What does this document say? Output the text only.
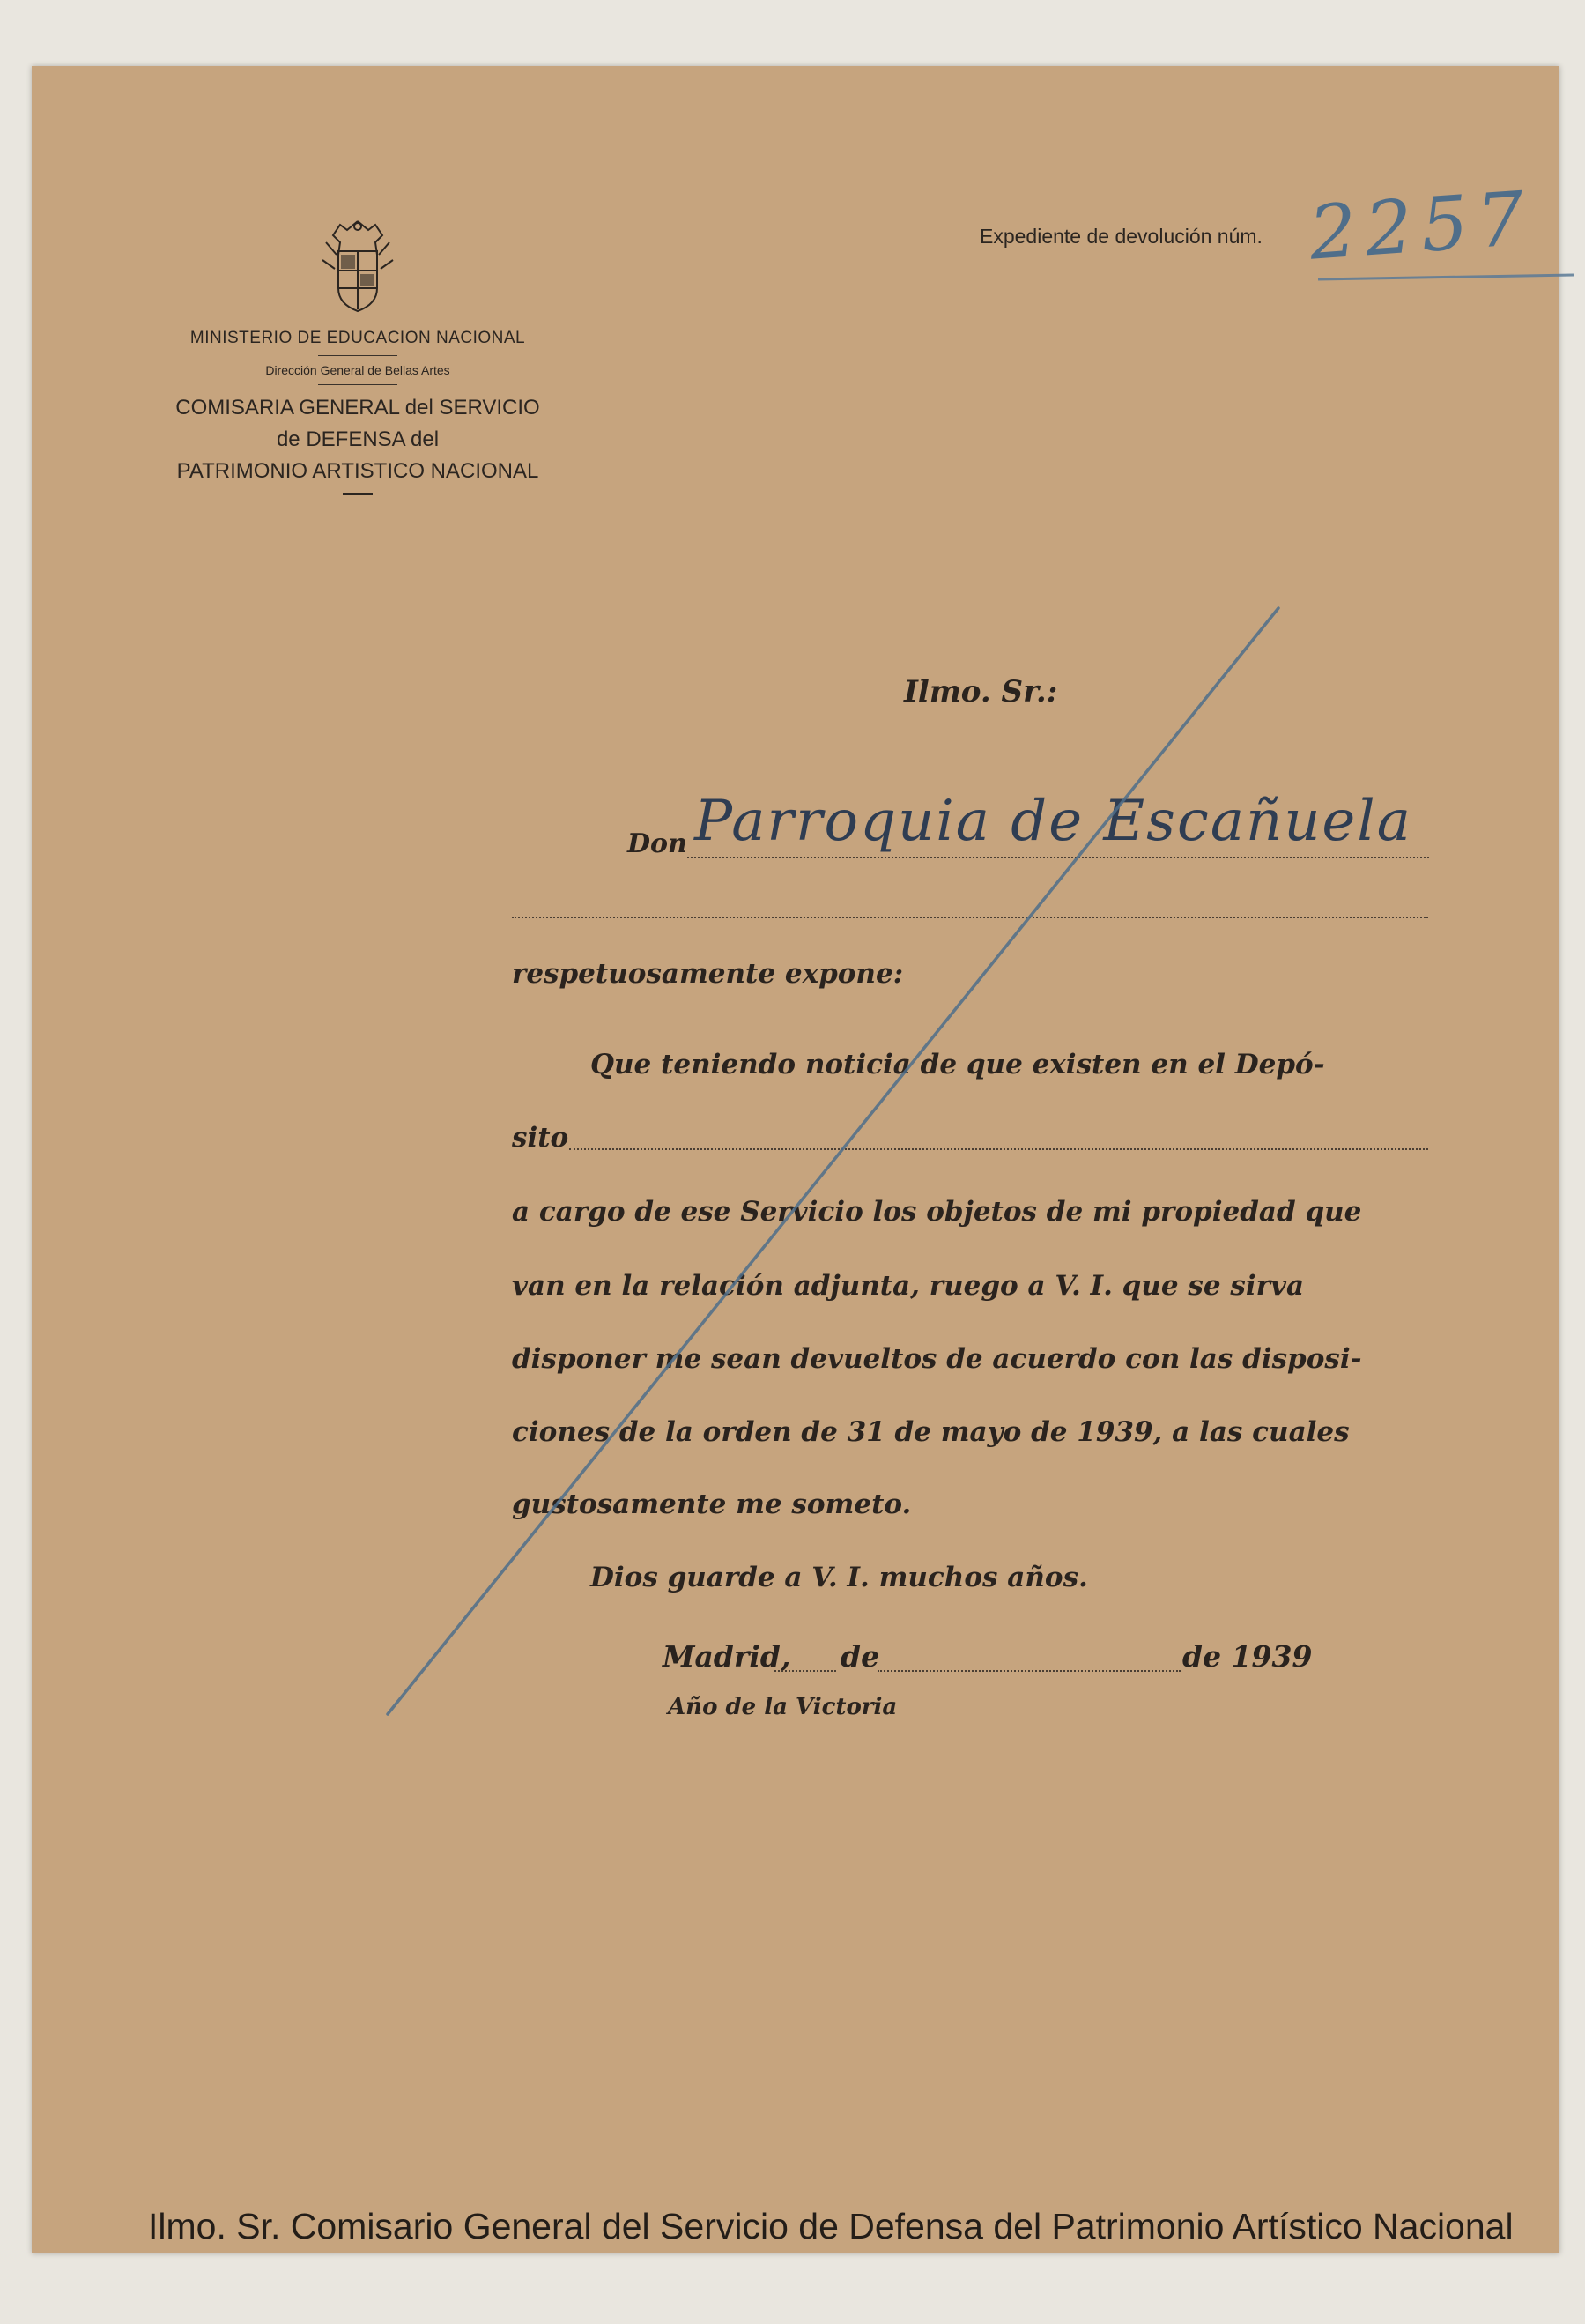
MINISTERIO DE EDUCACION NACIONAL

Dirección General de Bellas Artes

COMISARIA GENERAL del SERVICIO
de DEFENSA del
PATRIMONIO ARTISTICO NACIONAL
Expediente de devolución núm. 2257
Ilmo. Sr.:
Don Parroquia de Escañuela
respetuosamente expone:
Que teniendo noticia de que existen en el Depó-
sito
a cargo de ese Servicio los objetos de mi propiedad que
van en la relación adjunta, ruego a V. I. que se sirva
disponer me sean devueltos de acuerdo con las disposi-
ciones de la orden de 31 de mayo de 1939, a las cuales
gustosamente me someto.
Dios guarde a V. I. muchos años.
Madrid, de	de 1939
Año de la Victoria
Ilmo. Sr. Comisario General del Servicio de Defensa del Patrimonio Artístico Nacional
